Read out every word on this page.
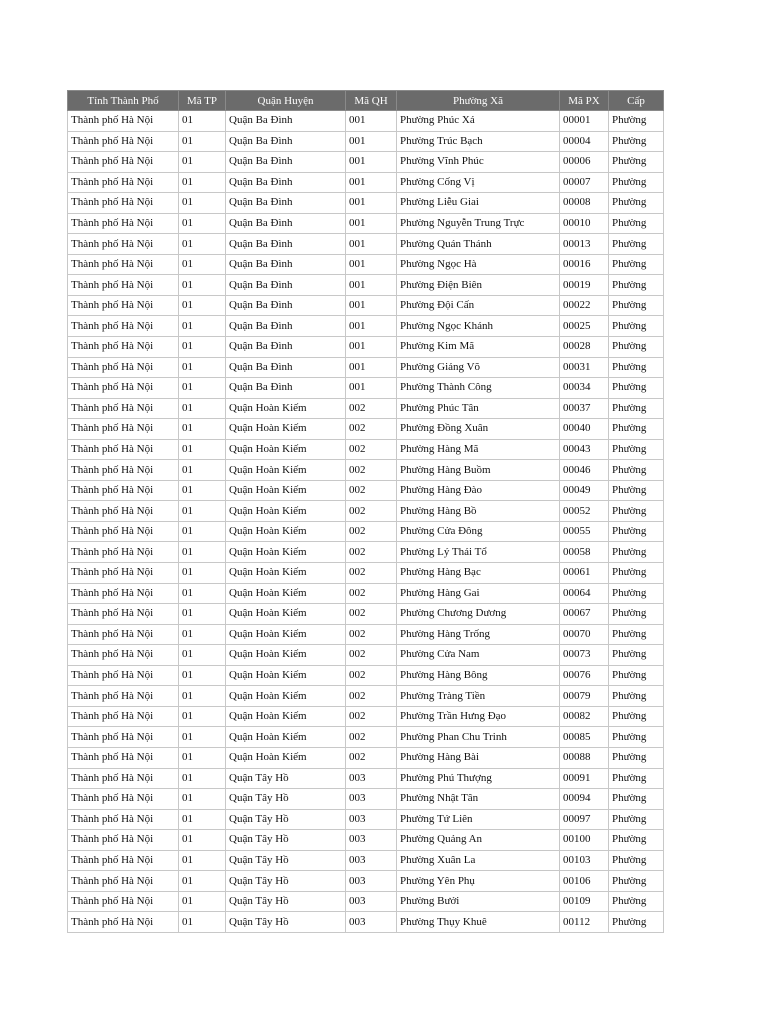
Tỉnh Thành Phố	Mã TP	Quận Huyện	Mã QH	Phường Xã	Mã PX	Cấp
Thành phố Hà Nội	01	Quận Ba Đình	001	Phường Phúc Xá	00001	Phường
Thành phố Hà Nội	01	Quận Ba Đình	001	Phường Trúc Bạch	00004	Phường
Thành phố Hà Nội	01	Quận Ba Đình	001	Phường Vĩnh Phúc	00006	Phường
Thành phố Hà Nội	01	Quận Ba Đình	001	Phường Cống Vị	00007	Phường
Thành phố Hà Nội	01	Quận Ba Đình	001	Phường Liễu Giai	00008	Phường
Thành phố Hà Nội	01	Quận Ba Đình	001	Phường Nguyễn Trung Trực	00010	Phường
Thành phố Hà Nội	01	Quận Ba Đình	001	Phường Quán Thánh	00013	Phường
Thành phố Hà Nội	01	Quận Ba Đình	001	Phường Ngọc Hà	00016	Phường
Thành phố Hà Nội	01	Quận Ba Đình	001	Phường Điện Biên	00019	Phường
Thành phố Hà Nội	01	Quận Ba Đình	001	Phường Đội Cấn	00022	Phường
Thành phố Hà Nội	01	Quận Ba Đình	001	Phường Ngọc Khánh	00025	Phường
Thành phố Hà Nội	01	Quận Ba Đình	001	Phường Kim Mã	00028	Phường
Thành phố Hà Nội	01	Quận Ba Đình	001	Phường Giảng Võ	00031	Phường
Thành phố Hà Nội	01	Quận Ba Đình	001	Phường Thành Công	00034	Phường
Thành phố Hà Nội	01	Quận Hoàn Kiếm	002	Phường Phúc Tân	00037	Phường
Thành phố Hà Nội	01	Quận Hoàn Kiếm	002	Phường Đồng Xuân	00040	Phường
Thành phố Hà Nội	01	Quận Hoàn Kiếm	002	Phường Hàng Mã	00043	Phường
Thành phố Hà Nội	01	Quận Hoàn Kiếm	002	Phường Hàng Buồm	00046	Phường
Thành phố Hà Nội	01	Quận Hoàn Kiếm	002	Phường Hàng Đào	00049	Phường
Thành phố Hà Nội	01	Quận Hoàn Kiếm	002	Phường Hàng Bồ	00052	Phường
Thành phố Hà Nội	01	Quận Hoàn Kiếm	002	Phường Cửa Đông	00055	Phường
Thành phố Hà Nội	01	Quận Hoàn Kiếm	002	Phường Lý Thái Tổ	00058	Phường
Thành phố Hà Nội	01	Quận Hoàn Kiếm	002	Phường Hàng Bạc	00061	Phường
Thành phố Hà Nội	01	Quận Hoàn Kiếm	002	Phường Hàng Gai	00064	Phường
Thành phố Hà Nội	01	Quận Hoàn Kiếm	002	Phường Chương Dương	00067	Phường
Thành phố Hà Nội	01	Quận Hoàn Kiếm	002	Phường Hàng Trống	00070	Phường
Thành phố Hà Nội	01	Quận Hoàn Kiếm	002	Phường Cửa Nam	00073	Phường
Thành phố Hà Nội	01	Quận Hoàn Kiếm	002	Phường Hàng Bông	00076	Phường
Thành phố Hà Nội	01	Quận Hoàn Kiếm	002	Phường Tràng Tiền	00079	Phường
Thành phố Hà Nội	01	Quận Hoàn Kiếm	002	Phường Trần Hưng Đạo	00082	Phường
Thành phố Hà Nội	01	Quận Hoàn Kiếm	002	Phường Phan Chu Trinh	00085	Phường
Thành phố Hà Nội	01	Quận Hoàn Kiếm	002	Phường Hàng Bài	00088	Phường
Thành phố Hà Nội	01	Quận Tây Hồ	003	Phường Phú Thượng	00091	Phường
Thành phố Hà Nội	01	Quận Tây Hồ	003	Phường Nhật Tân	00094	Phường
Thành phố Hà Nội	01	Quận Tây Hồ	003	Phường Tứ Liên	00097	Phường
Thành phố Hà Nội	01	Quận Tây Hồ	003	Phường Quảng An	00100	Phường
Thành phố Hà Nội	01	Quận Tây Hồ	003	Phường Xuân La	00103	Phường
Thành phố Hà Nội	01	Quận Tây Hồ	003	Phường Yên Phụ	00106	Phường
Thành phố Hà Nội	01	Quận Tây Hồ	003	Phường Bưởi	00109	Phường
Thành phố Hà Nội	01	Quận Tây Hồ	003	Phường Thụy Khuê	00112	Phường
